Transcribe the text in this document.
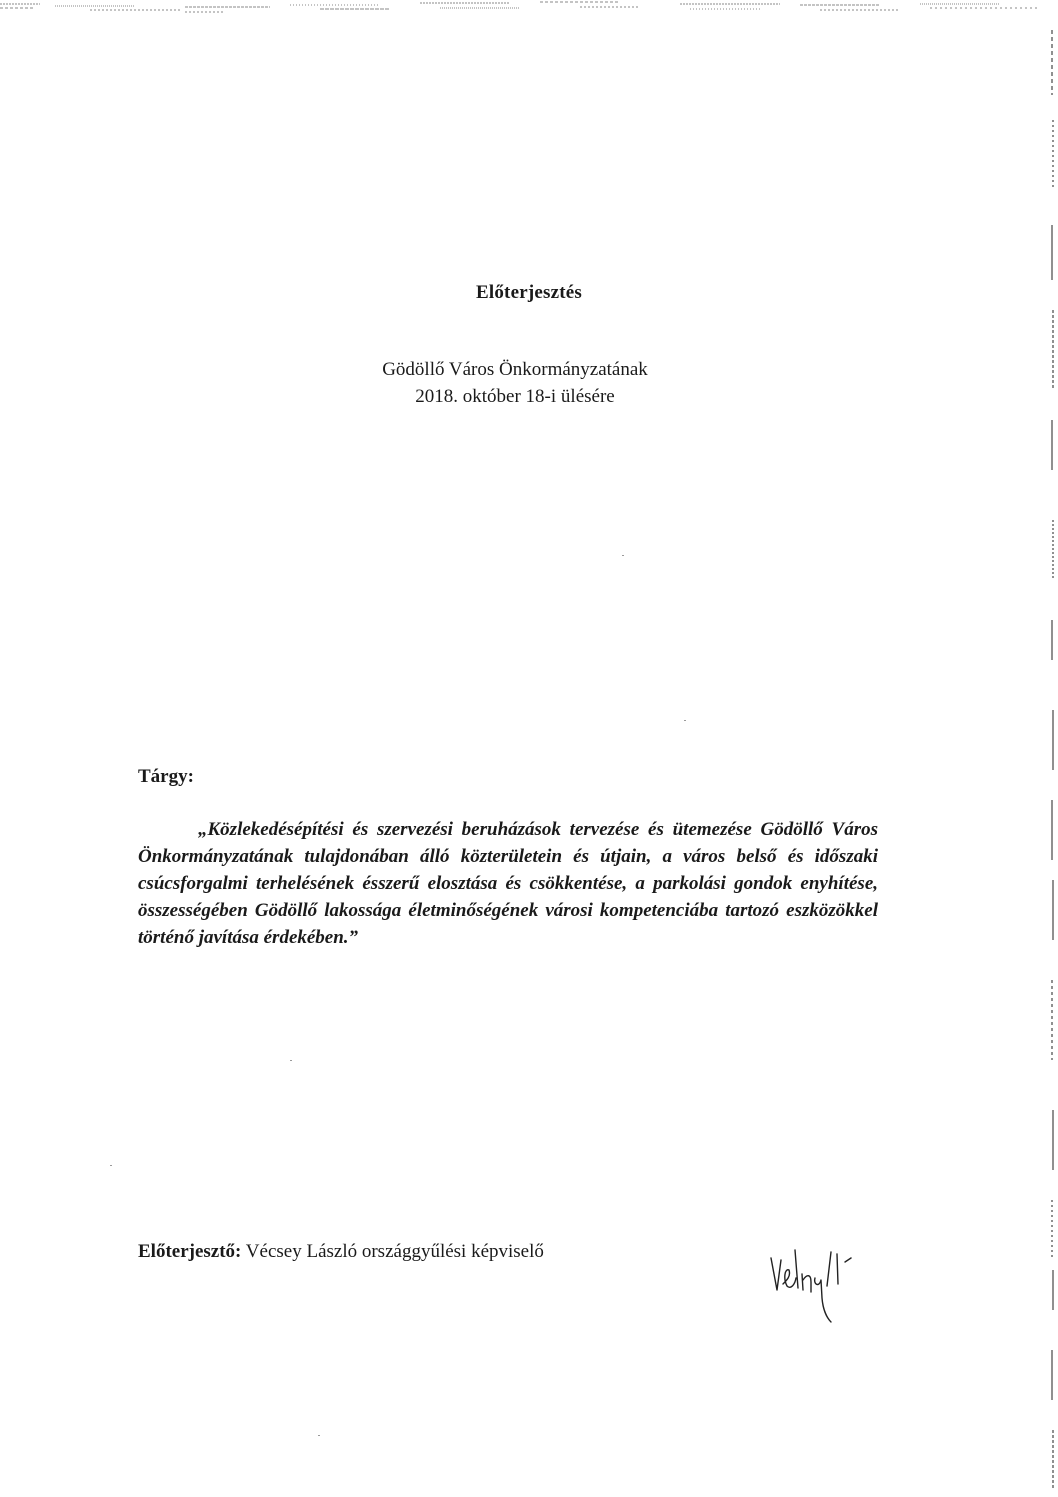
Előterjesztés
Gödöllő Város Önkormányzatának
2018. október 18-i ülésére
Tárgy:
„Közlekedésépítési és szervezési beruházások tervezése és ütemezése Gödöllő Város Önkormányzatának tulajdonában álló közterületein és útjain, a város belső és időszaki csúcsforgalmi terhelésének ésszerű elosztása és csökkentése, a parkolási gondok enyhítése, összességében Gödöllő lakossága életminőségének városi kompetenciába tartozó eszközökkel történő javítása érdekében.”
Előterjesztő: Vécsey László országgyűlési képviselő
